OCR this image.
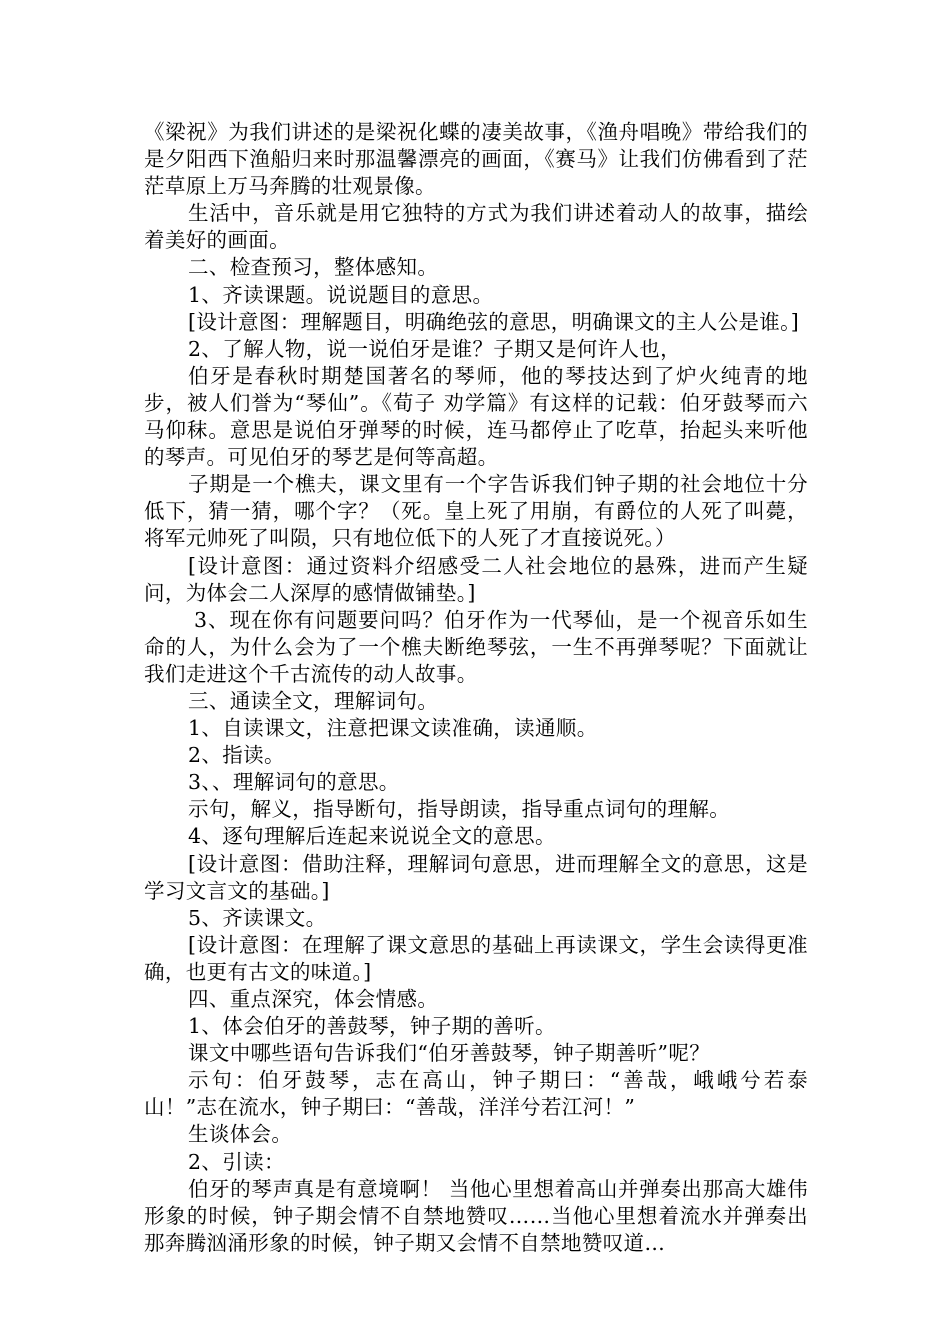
《梁祝》为我们讲述的是梁祝化蝶的凄美故事，《渔舟唱晚》带给我们的是夕阳西下渔船归来时那温馨漂亮的画面，《赛马》让我们仿佛看到了茫茫草原上万马奔腾的壮观景像。

生活中，音乐就是用它独特的方式为我们讲述着动人的故事，描绘着美好的画面。

二、检查预习，整体感知。

1、齐读课题。说说题目的意思。

[设计意图：理解题目，明确绝弦的意思，明确课文的主人公是谁。]

2、了解人物，说一说伯牙是谁？子期又是何许人也，

伯牙是春秋时期楚国著名的琴师，他的琴技达到了炉火纯青的地步，被人们誉为“琴仙”。《荀子 劝学篇》有这样的记载：伯牙鼓琴而六马仰秣。意思是说伯牙弹琴的时候，连马都停止了吃草，抬起头来听他的琴声。可见伯牙的琴艺是何等高超。

子期是一个樵夫，课文里有一个字告诉我们钟子期的社会地位十分低下，猜一猜，哪个字？（死。皇上死了用崩，有爵位的人死了叫薨，将军元帅死了叫陨，只有地位低下的人死了才直接说死。）

[设计意图：通过资料介绍感受二人社会地位的悬殊，进而产生疑问，为体会二人深厚的感情做铺垫。]

3、现在你有问题要问吗？伯牙作为一代琴仙，是一个视音乐如生命的人，为什么会为了一个樵夫断绝琴弦，一生不再弹琴呢？下面就让我们走进这个千古流传的动人故事。

三、通读全文，理解词句。

1、自读课文，注意把课文读准确，读通顺。

2、指读。

3、、理解词句的意思。

示句，解义，指导断句，指导朗读，指导重点词句的理解。

4、逐句理解后连起来说说全文的意思。

[设计意图：借助注释，理解词句意思，进而理解全文的意思，这是学习文言文的基础。]

5、齐读课文。

[设计意图：在理解了课文意思的基础上再读课文，学生会读得更准确，也更有古文的味道。]

四、重点深究，体会情感。

1、体会伯牙的善鼓琴，钟子期的善听。

课文中哪些语句告诉我们“伯牙善鼓琴，钟子期善听”呢？

示句：伯牙鼓琴，志在高山，钟子期曰：“善哉，峨峨兮若泰山！”志在流水，钟子期曰：“善哉，洋洋兮若江河！”

生谈体会。

2、引读：

伯牙的琴声真是有意境啊！ 当他心里想着高山并弹奏出那高大雄伟形象的时候，钟子期会情不自禁地赞叹……当他心里想着流水并弹奏出那奔腾汹涌形象的时候，钟子期又会情不自禁地赞叹道…
